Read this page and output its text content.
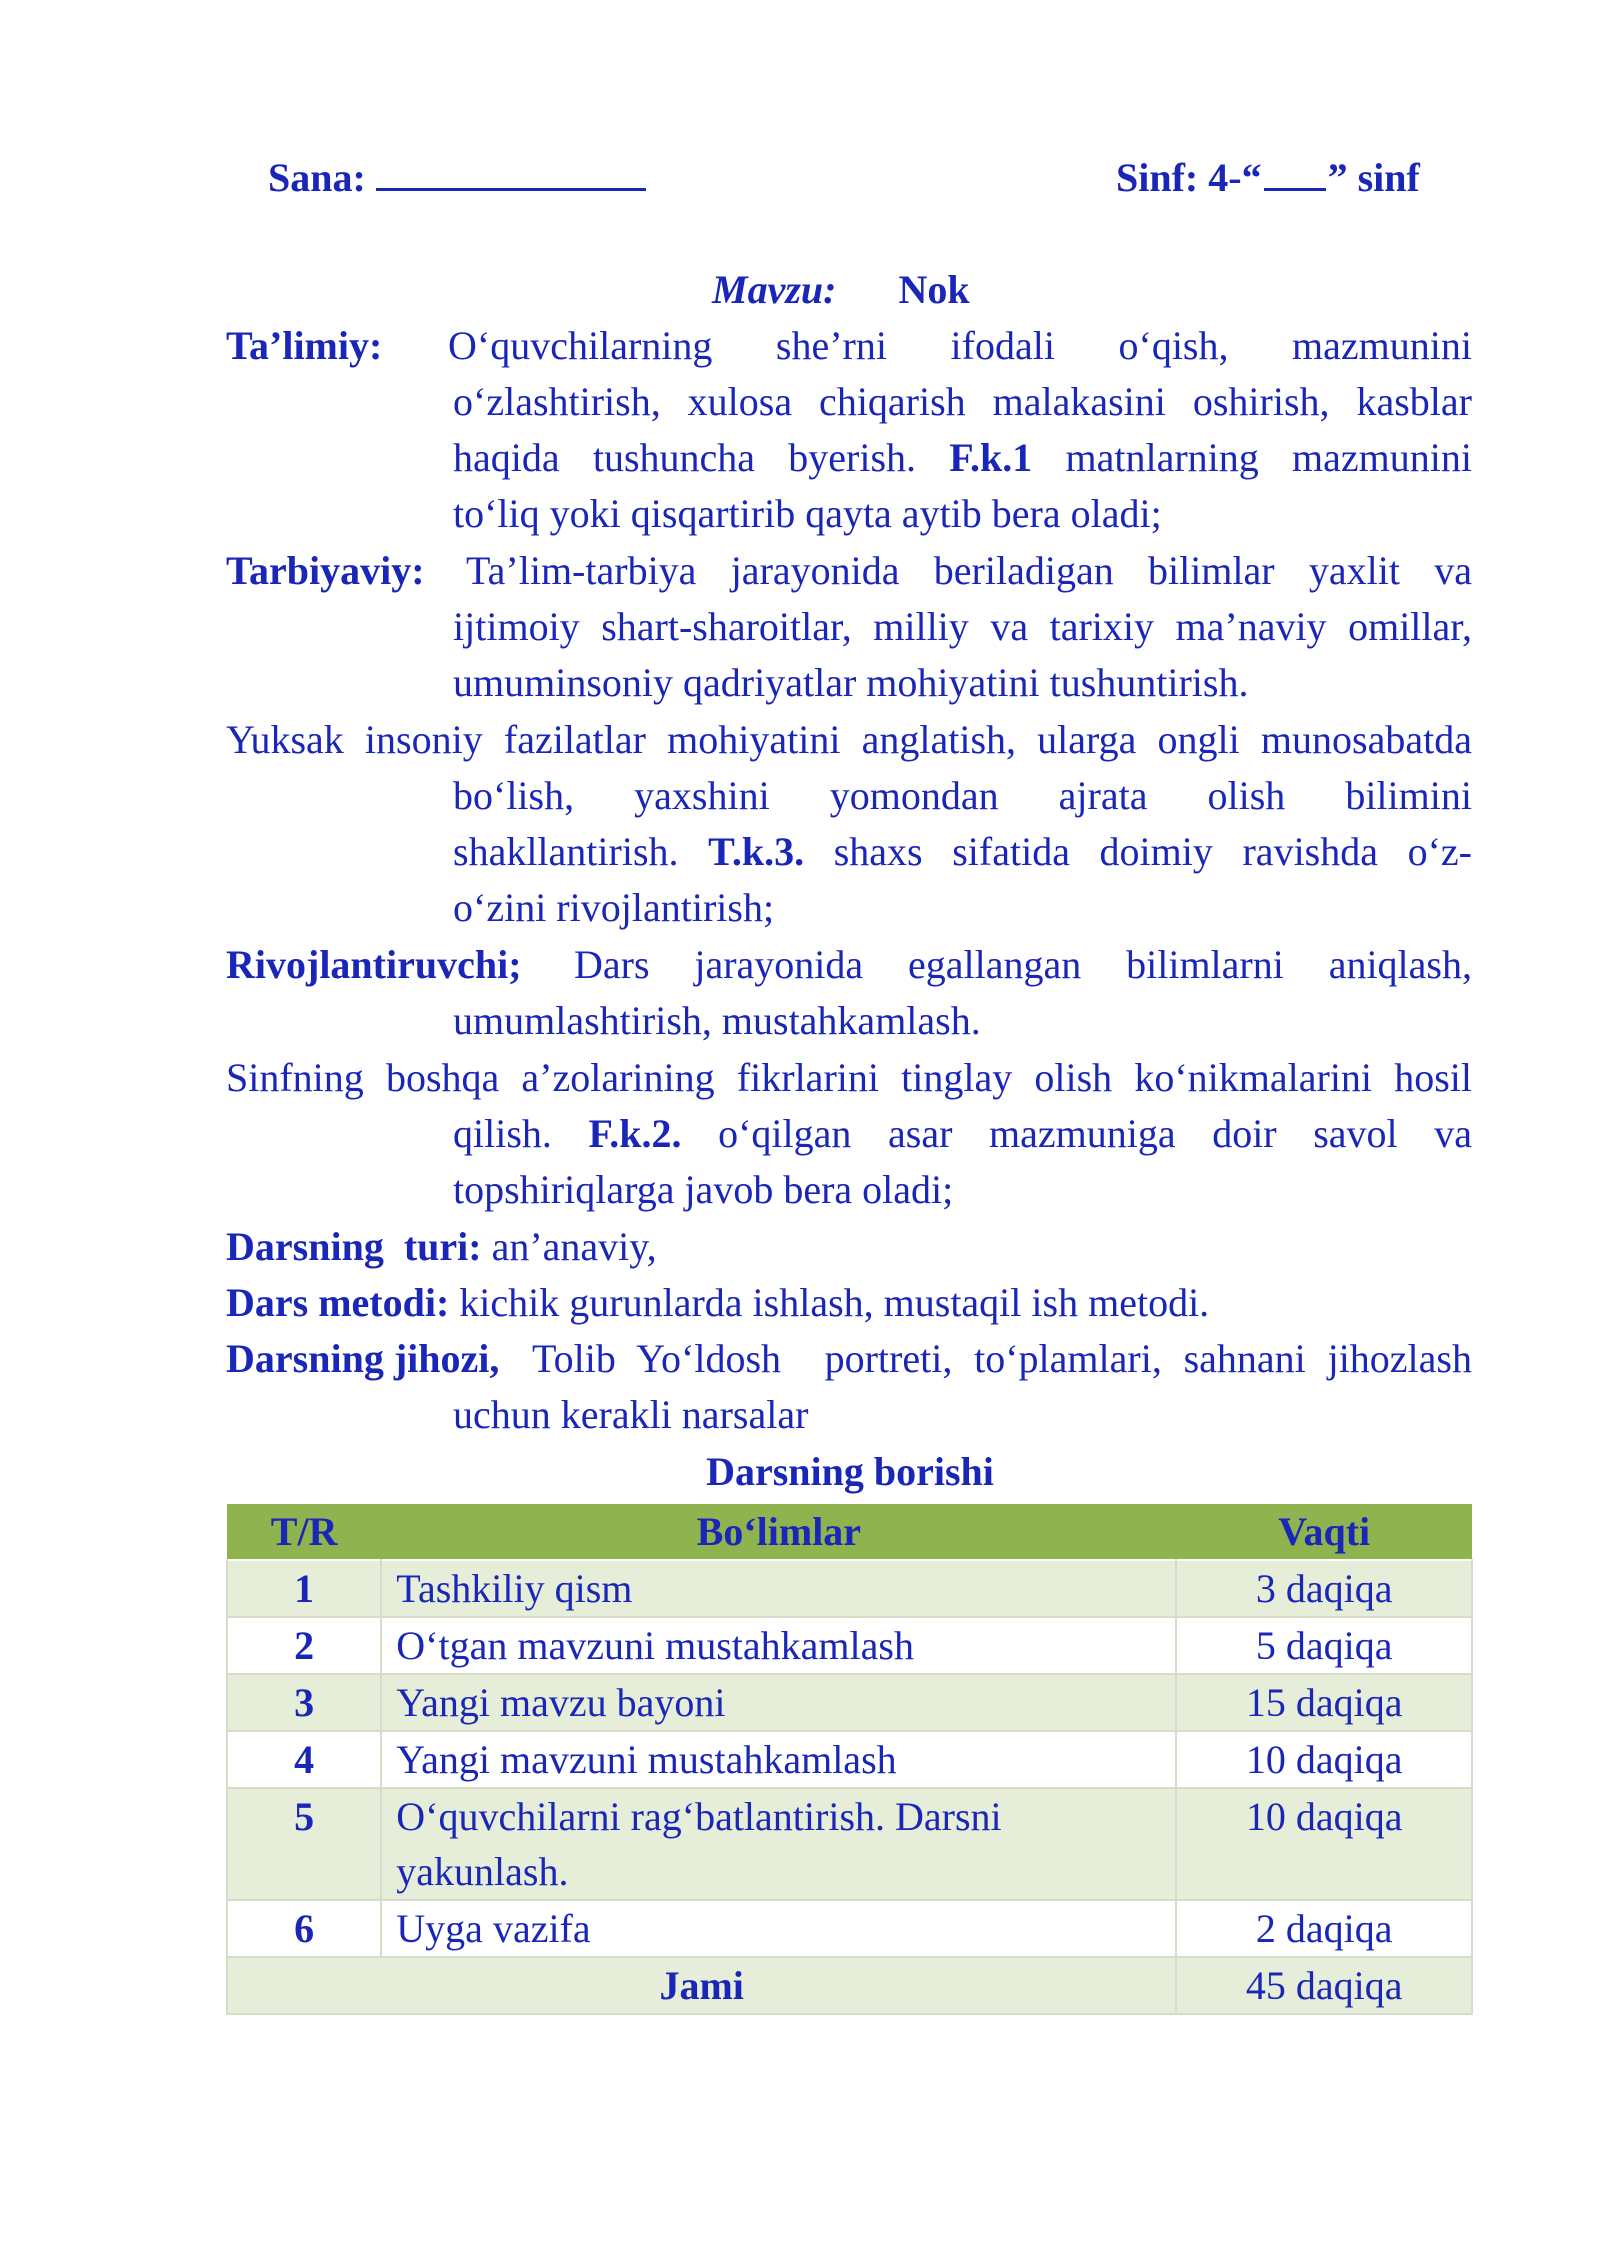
Sana:	Sinf: 4-“ ” sinf
Mavzu: Nok
Ta’limiy: O‘quvchilarning she’rni ifodali o‘qish, mazmunini
o‘zlashtirish, xulosa chiqarish malakasini oshirish, kasblar
haqida tushuncha byerish. F.k.1 matnlarning mazmunini
to‘liq yoki qisqartirib qayta aytib bera oladi;
Tarbiyaviy: Ta’lim-tarbiya jarayonida beriladigan bilimlar yaxlit va
ijtimoiy shart-sharoitlar, milliy va tarixiy ma’naviy omillar,
umuminsoniy qadriyatlar mohiyatini tushuntirish.
Yuksak insoniy fazilatlar mohiyatini anglatish, ularga ongli munosabatda
bo‘lish, yaxshini yomondan ajrata olish bilimini
shakllantirish. T.k.3. shaxs sifatida doimiy ravishda o‘z-
o‘zini rivojlantirish;
Rivojlantiruvchi; Dars jarayonida egallangan bilimlarni aniqlash,
umumlashtirish, mustahkamlash.
Sinfning boshqa a’zolarining fikrlarini tinglay olish ko‘nikmalarini hosil
qilish. F.k.2. o‘qilgan asar mazmuniga doir savol va
topshiriqlarga javob bera oladi;
Darsning  turi: an’anaviy,
Dars metodi: kichik gurunlarda ishlash, mustaqil ish metodi.
Darsning jihozi, Tolib Yo‘ldosh  portreti, to‘plamlari, sahnani jihozlash
uchun kerakli narsalar
Darsning borishi
T/R	Bo‘limlar	Vaqti
1	Tashkiliy qism	3 daqiqa
2	O‘tgan mavzuni mustahkamlash	5 daqiqa
3	Yangi mavzu bayoni	15 daqiqa
4	Yangi mavzuni mustahkamlash	10 daqiqa
5	O‘quvchilarni rag‘batlantirish. Darsni yakunlash.	10 daqiqa
6	Uyga vazifa	2 daqiqa
Jami		45 daqiqa
